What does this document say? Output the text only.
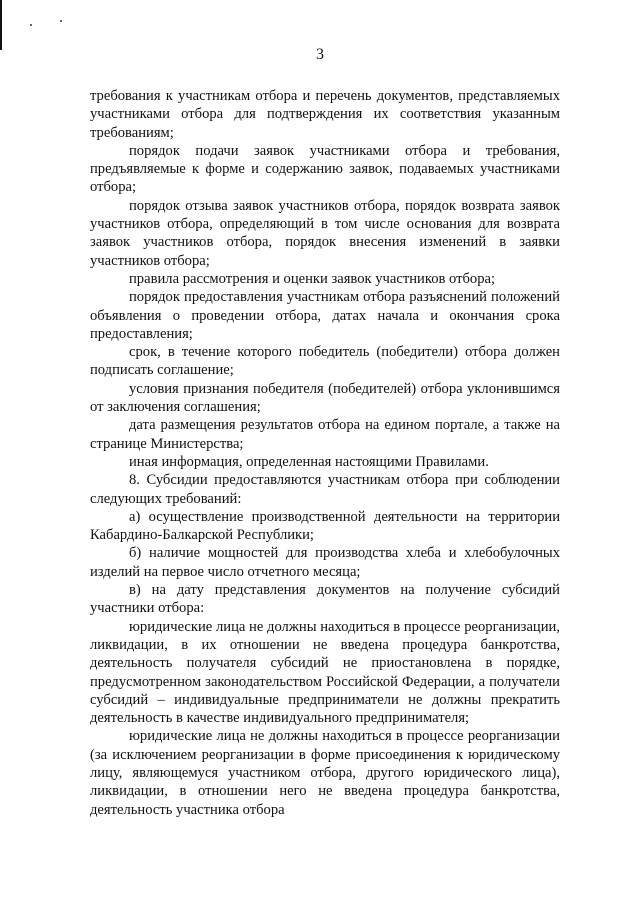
3

требования к участникам отбора и перечень документов, представляемых участниками отбора для подтверждения их соответствия указанным требованиям;

порядок подачи заявок участниками отбора и требования, предъявляемые к форме и содержанию заявок, подаваемых участниками отбора;

порядок отзыва заявок участников отбора, порядок возврата заявок участников отбора, определяющий в том числе основания для возврата заявок участников отбора, порядок внесения изменений в заявки участников отбора;

правила рассмотрения и оценки заявок участников отбора;

порядок предоставления участникам отбора разъяснений положений объявления о проведении отбора, датах начала и окончания срока предоставления;

срок, в течение которого победитель (победители) отбора должен подписать соглашение;

условия признания победителя (победителей) отбора уклонившимся от заключения соглашения;

дата размещения результатов отбора на едином портале, а также на странице Министерства;

иная информация, определенная настоящими Правилами.

8. Субсидии предоставляются участникам отбора при соблюдении следующих требований:

а) осуществление производственной деятельности на территории Кабардино-Балкарской Республики;

б) наличие мощностей для производства хлеба и хлебобулочных изделий на первое число отчетного месяца;

в) на дату представления документов на получение субсидий участники отбора:

юридические лица не должны находиться в процессе реорганизации, ликвидации, в их отношении не введена процедура банкротства, деятельность получателя субсидий не приостановлена в порядке, предусмотренном законодательством Российской Федерации, а получатели субсидий – индивидуальные предприниматели не должны прекратить деятельность в качестве индивидуального предпринимателя;

юридические лица не должны находиться в процессе реорганизации (за исключением реорганизации в форме присоединения к юридическому лицу, являющемуся участником отбора, другого юридического лица), ликвидации, в отношении него не введена процедура банкротства, деятельность участника отбора
